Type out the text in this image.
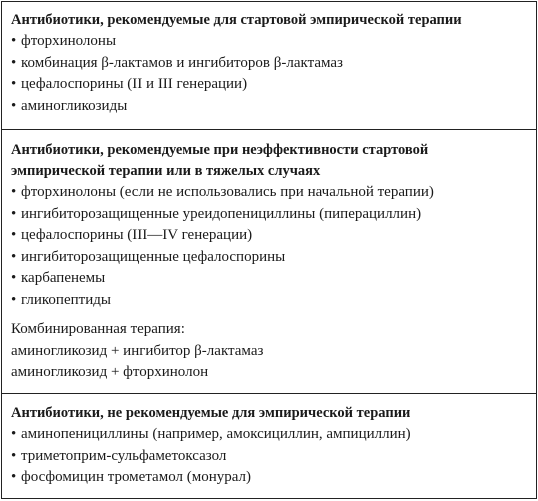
Антибиотики, рекомендуемые для стартовой эмпирической терапии

• фторхинолоны
• комбинация β-лактамов и ингибиторов β-лактамаз
• цефалоспорины (II и III генерации)
• аминогликозиды

Антибиотики, рекомендуемые при неэффективности стартовой
эмпирической терапии или в тяжелых случаях

• фторхинолоны (если не использовались при начальной терапии)
• ингибиторозащищенные уреидопенициллины (пиперациллин)
• цефалоспорины (III—IV генерации)
• ингибиторозащищенные цефалоспорины
• карбапенемы
• гликопептиды
Комбинированная терапия:
аминогликозид + ингибитор β-лактамаз
аминогликозид + фторхинолон

Антибиотики, не рекомендуемые для эмпирической терапии

• аминопенициллины (например, амоксициллин, ампициллин)
• триметоприм-сульфаметоксазол
• фосфомицин трометамол (монурал)
